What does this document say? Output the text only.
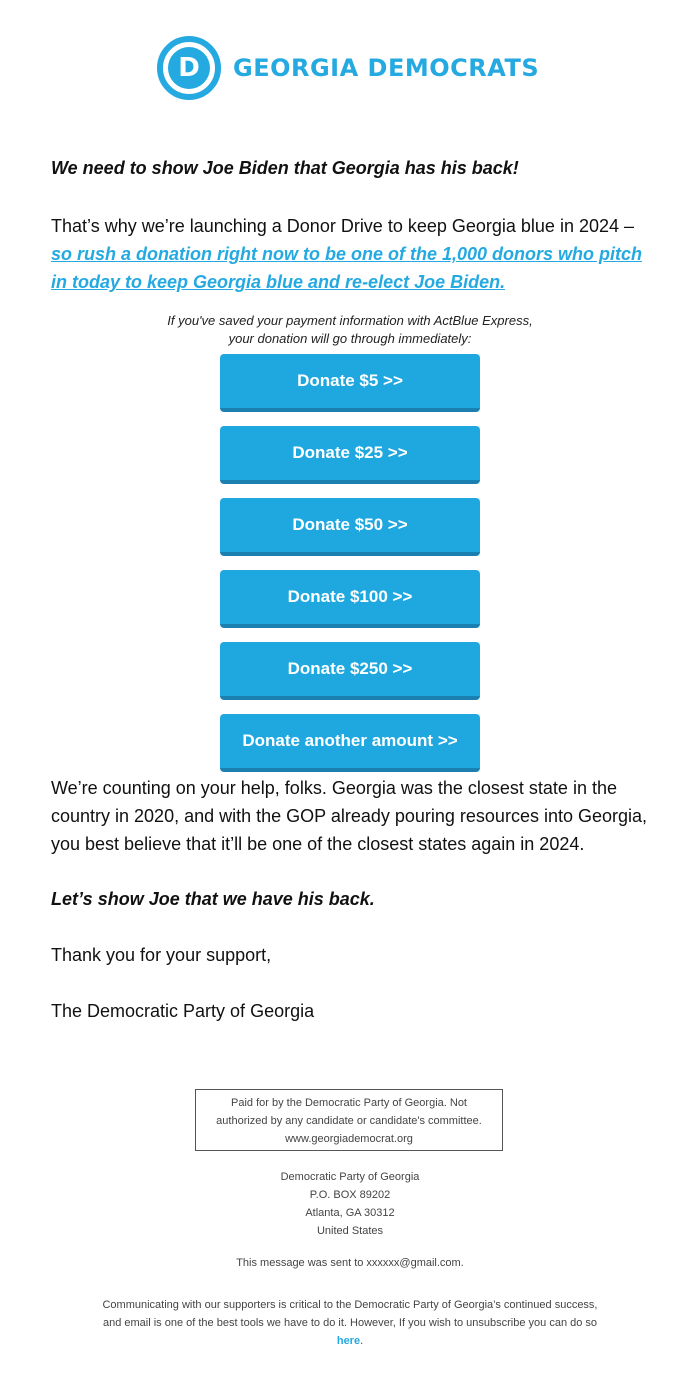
D	GEORGIA DEMOCRATS
We need to show Joe Biden that Georgia has his back!
That’s why we’re launching a Donor Drive to keep Georgia blue in 2024 – so rush a donation right now to be one of the 1,000 donors who pitch in today to keep Georgia blue and re-elect Joe Biden.
If you've saved your payment information with ActBlue Express,
your donation will go through immediately:
Donate $5 >>
Donate $25 >>
Donate $50 >>
Donate $100 >>
Donate $250 >>
Donate another amount >>
We’re counting on your help, folks. Georgia was the closest state in the country in 2020, and with the GOP already pouring resources into Georgia, you best believe that it’ll be one of the closest states again in 2024.
Let’s show Joe that we have his back.
Thank you for your support,
The Democratic Party of Georgia
Paid for by the Democratic Party of Georgia. Not
authorized by any candidate or candidate's committee.
www.georgiademocrat.org
Democratic Party of Georgia
P.O. BOX 89202
Atlanta, GA 30312
United States
This message was sent to xxxxxx@gmail.com.
Communicating with our supporters is critical to the Democratic Party of Georgia’s continued success, and email is one of the best tools we have to do it. However, If you wish to unsubscribe you can do so here.
